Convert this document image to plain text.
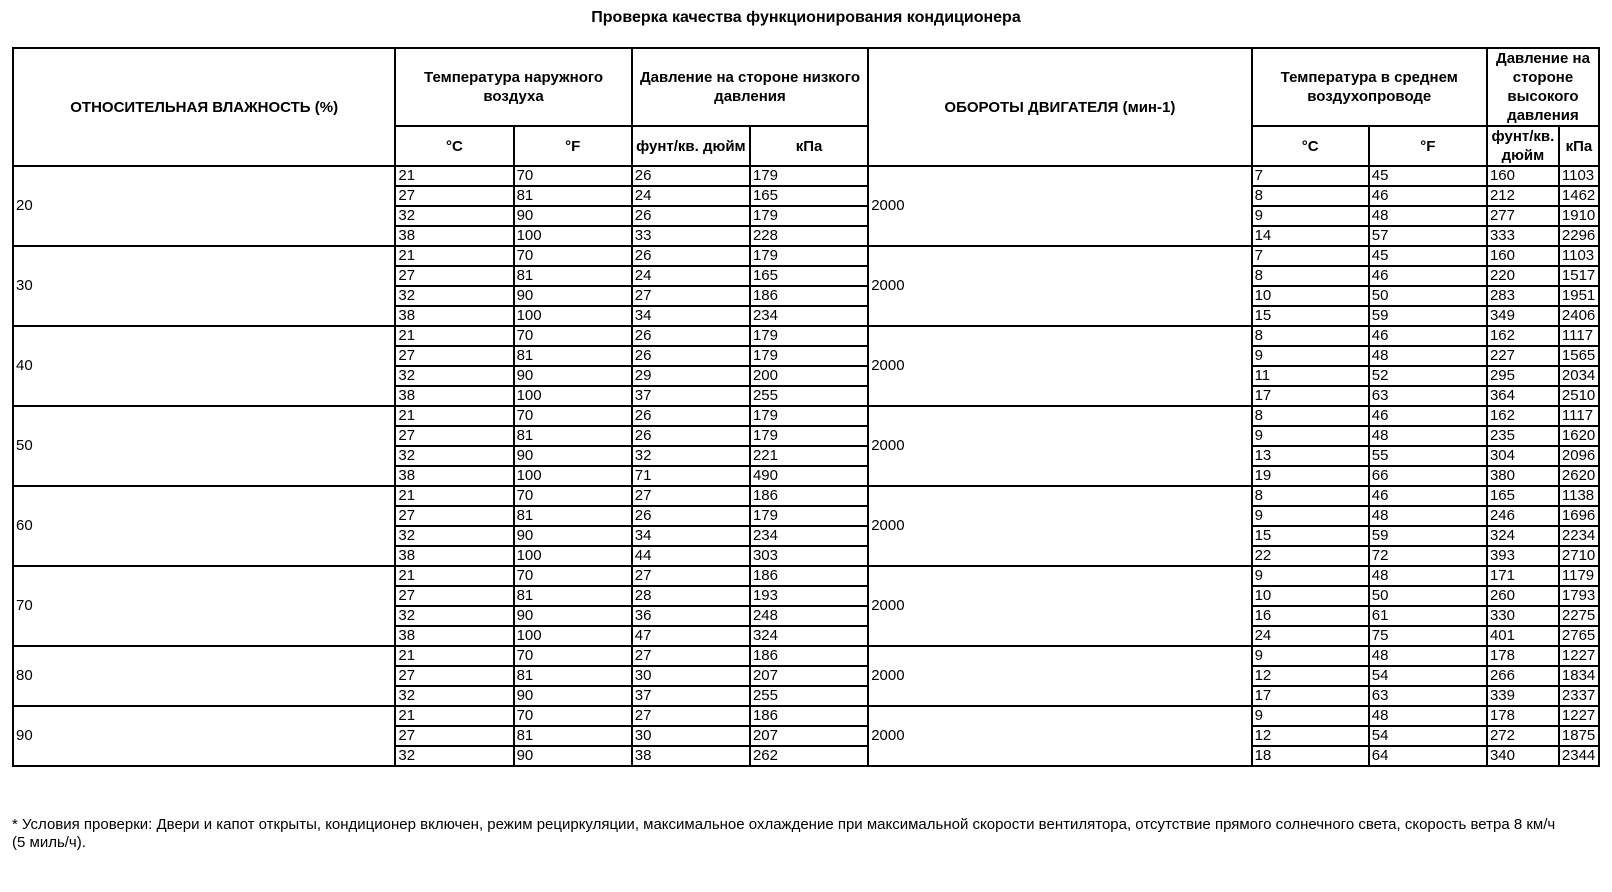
Проверка качества функционирования кондиционера
ОТНОСИТЕЛЬНАЯ ВЛАЖНОСТЬ (%)	Температура наружного воздуха		Давление на стороне низкого давления		ОБОРОТЫ ДВИГАТЕЛЯ (мин-1)	Температура в среднем воздухопроводе		Давление на стороне высокого давления	
	°C	°F	фунт/кв. дюйм	кПа		°C	°F	фунт/кв. дюйм	кПа
20	21	70	26	179	2000	7	45	160	1103
	27	81	24	165		8	46	212	1462
	32	90	26	179		9	48	277	1910
	38	100	33	228		14	57	333	2296
30	21	70	26	179	2000	7	45	160	1103
	27	81	24	165		8	46	220	1517
	32	90	27	186		10	50	283	1951
	38	100	34	234		15	59	349	2406
40	21	70	26	179	2000	8	46	162	1117
	27	81	26	179		9	48	227	1565
	32	90	29	200		11	52	295	2034
	38	100	37	255		17	63	364	2510
50	21	70	26	179	2000	8	46	162	1117
	27	81	26	179		9	48	235	1620
	32	90	32	221		13	55	304	2096
	38	100	71	490		19	66	380	2620
60	21	70	27	186	2000	8	46	165	1138
	27	81	26	179		9	48	246	1696
	32	90	34	234		15	59	324	2234
	38	100	44	303		22	72	393	2710
70	21	70	27	186	2000	9	48	171	1179
	27	81	28	193		10	50	260	1793
	32	90	36	248		16	61	330	2275
	38	100	47	324		24	75	401	2765
80	21	70	27	186	2000	9	48	178	1227
	27	81	30	207		12	54	266	1834
	32	90	37	255		17	63	339	2337
90	21	70	27	186	2000	9	48	178	1227
	27	81	30	207		12	54	272	1875
	32	90	38	262		18	64	340	2344
* Условия проверки: Двери и капот открыты, кондиционер включен, режим рециркуляции, максимальное охлаждение при максимальной скорости вентилятора, отсутствие прямого солнечного света, скорость ветра 8 км/ч (5 миль/ч).
